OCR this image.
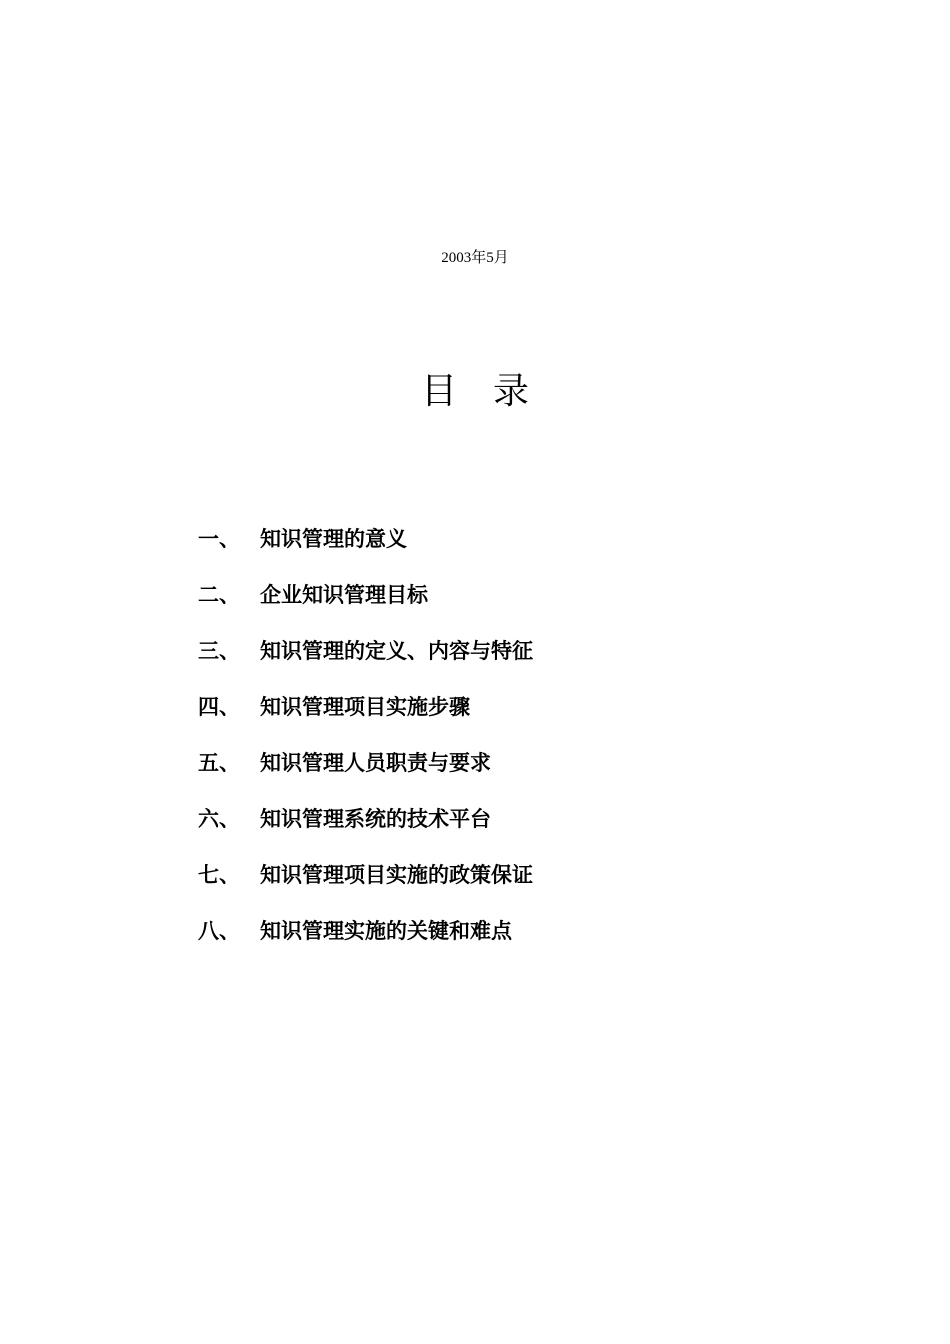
2003年5月
目录
一、 知识管理的意义
二、 企业知识管理目标
三、 知识管理的定义、内容与特征
四、 知识管理项目实施步骤
五、 知识管理人员职责与要求
六、 知识管理系统的技术平台
七、 知识管理项目实施的政策保证
八、 知识管理实施的关键和难点
